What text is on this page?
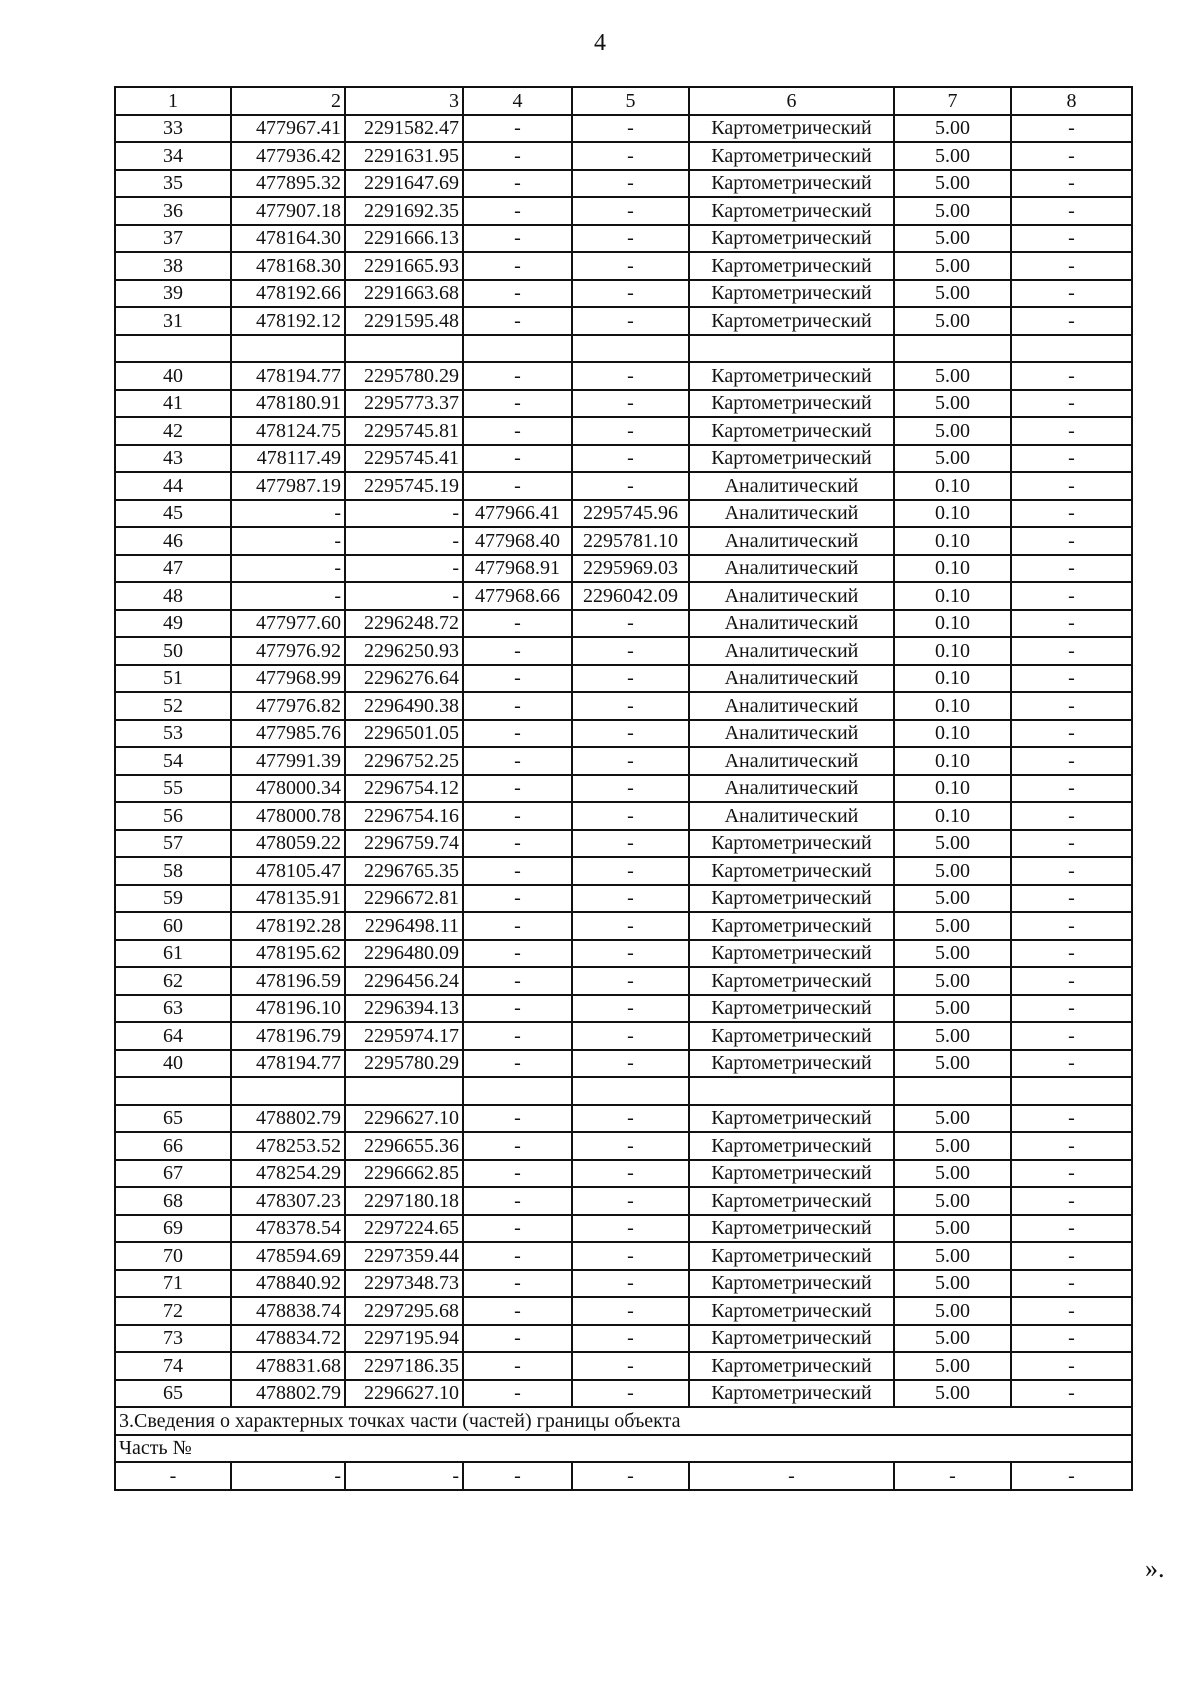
4
1	2	3	4	5	6	7	8
33	477967.41	2291582.47	-	-	Картометрический	5.00	-
34	477936.42	2291631.95	-	-	Картометрический	5.00	-
35	477895.32	2291647.69	-	-	Картометрический	5.00	-
36	477907.18	2291692.35	-	-	Картометрический	5.00	-
37	478164.30	2291666.13	-	-	Картометрический	5.00	-
38	478168.30	2291665.93	-	-	Картометрический	5.00	-
39	478192.66	2291663.68	-	-	Картометрический	5.00	-
31	478192.12	2291595.48	-	-	Картометрический	5.00	-

40	478194.77	2295780.29	-	-	Картометрический	5.00	-
41	478180.91	2295773.37	-	-	Картометрический	5.00	-
42	478124.75	2295745.81	-	-	Картометрический	5.00	-
43	478117.49	2295745.41	-	-	Картометрический	5.00	-
44	477987.19	2295745.19	-	-	Аналитический	0.10	-
45	-	-	477966.41	2295745.96	Аналитический	0.10	-
46	-	-	477968.40	2295781.10	Аналитический	0.10	-
47	-	-	477968.91	2295969.03	Аналитический	0.10	-
48	-	-	477968.66	2296042.09	Аналитический	0.10	-
49	477977.60	2296248.72	-	-	Аналитический	0.10	-
50	477976.92	2296250.93	-	-	Аналитический	0.10	-
51	477968.99	2296276.64	-	-	Аналитический	0.10	-
52	477976.82	2296490.38	-	-	Аналитический	0.10	-
53	477985.76	2296501.05	-	-	Аналитический	0.10	-
54	477991.39	2296752.25	-	-	Аналитический	0.10	-
55	478000.34	2296754.12	-	-	Аналитический	0.10	-
56	478000.78	2296754.16	-	-	Аналитический	0.10	-
57	478059.22	2296759.74	-	-	Картометрический	5.00	-
58	478105.47	2296765.35	-	-	Картометрический	5.00	-
59	478135.91	2296672.81	-	-	Картометрический	5.00	-
60	478192.28	2296498.11	-	-	Картометрический	5.00	-
61	478195.62	2296480.09	-	-	Картометрический	5.00	-
62	478196.59	2296456.24	-	-	Картометрический	5.00	-
63	478196.10	2296394.13	-	-	Картометрический	5.00	-
64	478196.79	2295974.17	-	-	Картометрический	5.00	-
40	478194.77	2295780.29	-	-	Картометрический	5.00	-

65	478802.79	2296627.10	-	-	Картометрический	5.00	-
66	478253.52	2296655.36	-	-	Картометрический	5.00	-
67	478254.29	2296662.85	-	-	Картометрический	5.00	-
68	478307.23	2297180.18	-	-	Картометрический	5.00	-
69	478378.54	2297224.65	-	-	Картометрический	5.00	-
70	478594.69	2297359.44	-	-	Картометрический	5.00	-
71	478840.92	2297348.73	-	-	Картометрический	5.00	-
72	478838.74	2297295.68	-	-	Картометрический	5.00	-
73	478834.72	2297195.94	-	-	Картометрический	5.00	-
74	478831.68	2297186.35	-	-	Картометрический	5.00	-
65	478802.79	2296627.10	-	-	Картометрический	5.00	-
3.Сведения о характерных точках части (частей) границы объекта							
Часть №							
-	-	-	-	-	-	-	-
».
